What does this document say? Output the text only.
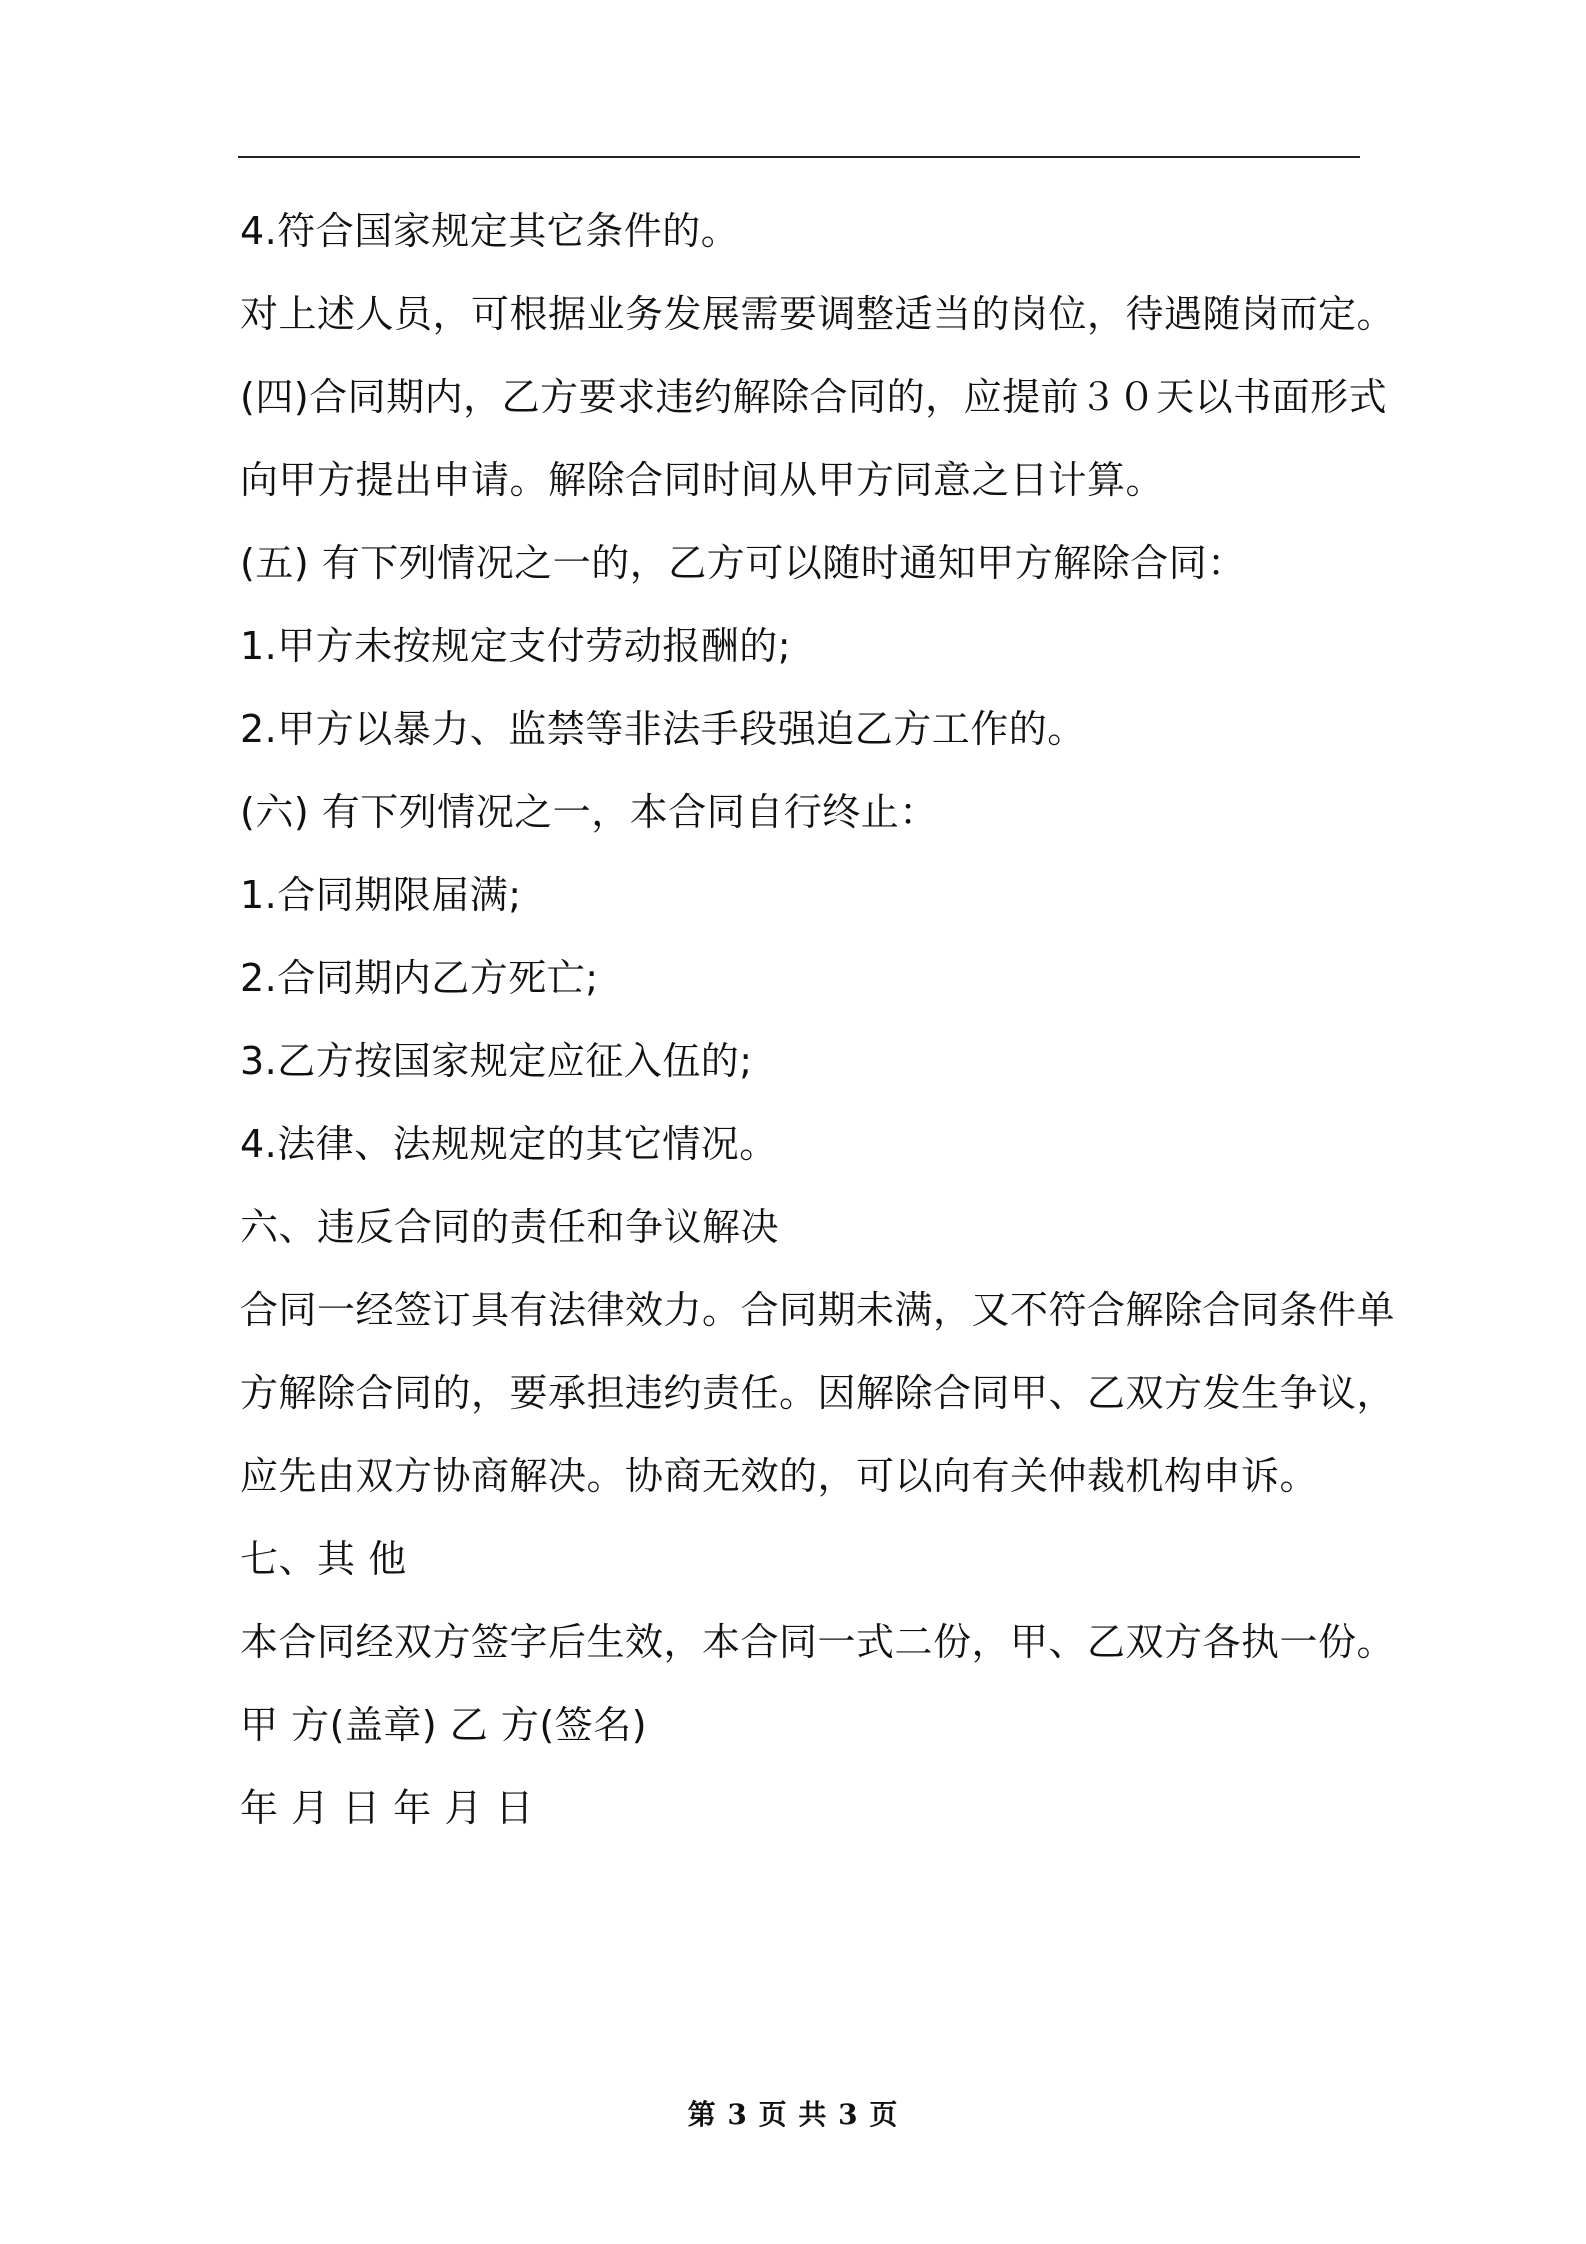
4.符合国家规定其它条件的。
对上述人员，可根据业务发展需要调整适当的岗位，待遇随岗而定。
(四)合同期内，乙方要求违约解除合同的，应提前３０天以书面形式
向甲方提出申请。解除合同时间从甲方同意之日计算。
(五) 有下列情况之一的，乙方可以随时通知甲方解除合同：
1.甲方未按规定支付劳动报酬的;
2.甲方以暴力、监禁等非法手段强迫乙方工作的。
(六) 有下列情况之一，本合同自行终止：
1.合同期限届满;
2.合同期内乙方死亡;
3.乙方按国家规定应征入伍的;
4.法律、法规规定的其它情况。
六、违反合同的责任和争议解决
合同一经签订具有法律效力。合同期未满，又不符合解除合同条件单
方解除合同的，要承担违约责任。因解除合同甲、乙双方发生争议，
应先由双方协商解决。协商无效的，可以向有关仲裁机构申诉。
七、其 他
本合同经双方签字后生效，本合同一式二份，甲、乙双方各执一份。
甲 方(盖章) 乙 方(签名)
年 月 日 年 月 日
第 3 页 共 3 页
